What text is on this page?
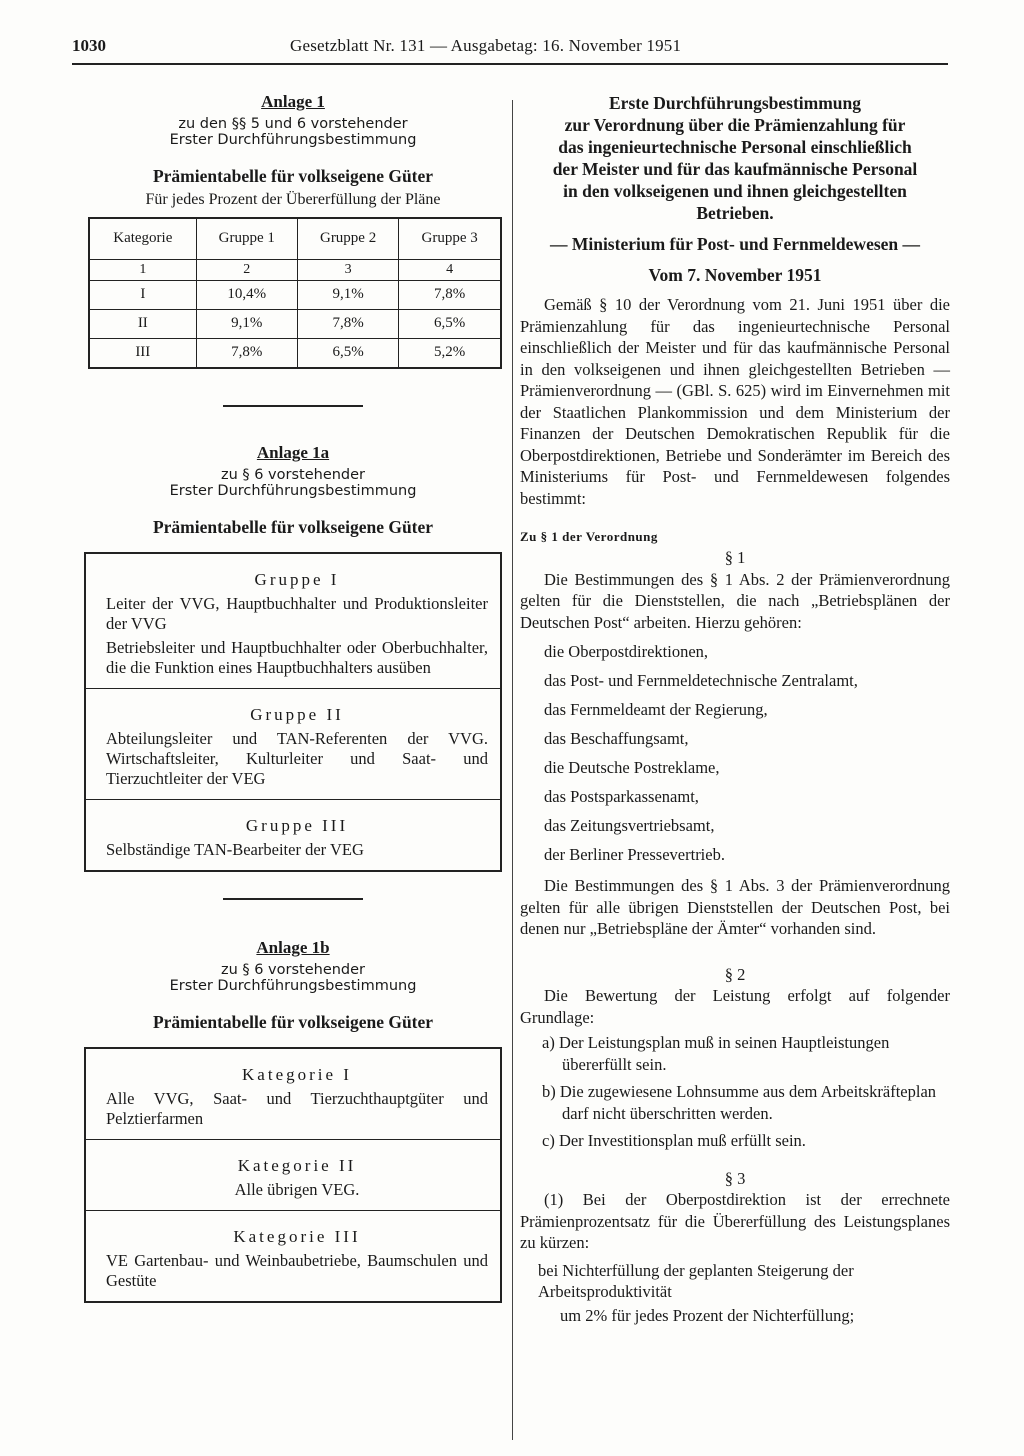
1030	Gesetzblatt Nr. 131 — Ausgabetag: 16. November 1951
Anlage 1
zu den §§ 5 und 6 vorstehender
Erster Durchführungsbestimmung
Prämientabelle für volkseigene Güter
Für jedes Prozent der Übererfüllung der Pläne
Kategorie	Gruppe 1	Gruppe 2	Gruppe 3
1	2	3	4
I	10,4%	9,1%	7,8%
II	9,1%	7,8%	6,5%
III	7,8%	6,5%	5,2%
Anlage 1a
zu § 6 vorstehender
Erster Durchführungsbestimmung
Prämientabelle für volkseigene Güter
Gruppe I
Leiter der VVG, Hauptbuchhalter und Produktionsleiter der VVG
Betriebsleiter und Hauptbuchhalter oder Oberbuchhalter, die die Funktion eines Hauptbuchhalters ausüben
Gruppe II
Abteilungsleiter und TAN-Referenten der VVG. Wirtschaftsleiter, Kulturleiter und Saat- und Tierzuchtleiter der VEG
Gruppe III
Selbständige TAN-Bearbeiter der VEG
Anlage 1b
zu § 6 vorstehender
Erster Durchführungsbestimmung
Prämientabelle für volkseigene Güter
Kategorie I
Alle VVG, Saat- und Tierzuchthauptgüter und Pelztierfarmen
Kategorie II
Alle übrigen VEG.
Kategorie III
VE Gartenbau- und Weinbaubetriebe, Baumschulen und Gestüte
Erste Durchführungsbestimmung
zur Verordnung über die Prämienzahlung für
das ingenieurtechnische Personal einschließlich
der Meister und für das kaufmännische Personal
in den volkseigenen und ihnen gleichgestellten
Betrieben.
— Ministerium für Post- und Fernmeldewesen —
Vom 7. November 1951
Gemäß § 10 der Verordnung vom 21. Juni 1951 über die Prämienzahlung für das ingenieurtechnische Personal einschließlich der Meister und für das kaufmännische Personal in den volkseigenen und ihnen gleichgestellten Betrieben — Prämienverordnung — (GBl. S. 625) wird im Einvernehmen mit der Staatlichen Plankommission und dem Ministerium der Finanzen der Deutschen Demokratischen Republik für die Oberpostdirektionen, Betriebe und Sonderämter im Bereich des Ministeriums für Post- und Fernmeldewesen folgendes bestimmt:
Zu § 1 der Verordnung
§ 1
Die Bestimmungen des § 1 Abs. 2 der Prämienverordnung gelten für die Dienststellen, die nach „Betriebsplänen der Deutschen Post“ arbeiten. Hierzu gehören:
die Oberpostdirektionen,
das Post- und Fernmeldetechnische Zentralamt,
das Fernmeldeamt der Regierung,
das Beschaffungsamt,
die Deutsche Postreklame,
das Postsparkassenamt,
das Zeitungsvertriebsamt,
der Berliner Pressevertrieb.
Die Bestimmungen des § 1 Abs. 3 der Prämienverordnung gelten für alle übrigen Dienststellen der Deutschen Post, bei denen nur „Betriebspläne der Ämter“ vorhanden sind.
§ 2
Die Bewertung der Leistung erfolgt auf folgender Grundlage:
a) Der Leistungsplan muß in seinen Hauptleistungen übererfüllt sein.
b) Die zugewiesene Lohnsumme aus dem Arbeitskräfteplan darf nicht überschritten werden.
c) Der Investitionsplan muß erfüllt sein.
§ 3
(1) Bei der Oberpostdirektion ist der errechnete Prämienprozentsatz für die Übererfüllung des Leistungsplanes zu kürzen:
bei Nichterfüllung der geplanten Steigerung der Arbeitsproduktivität
um 2% für jedes Prozent der Nichterfüllung;
